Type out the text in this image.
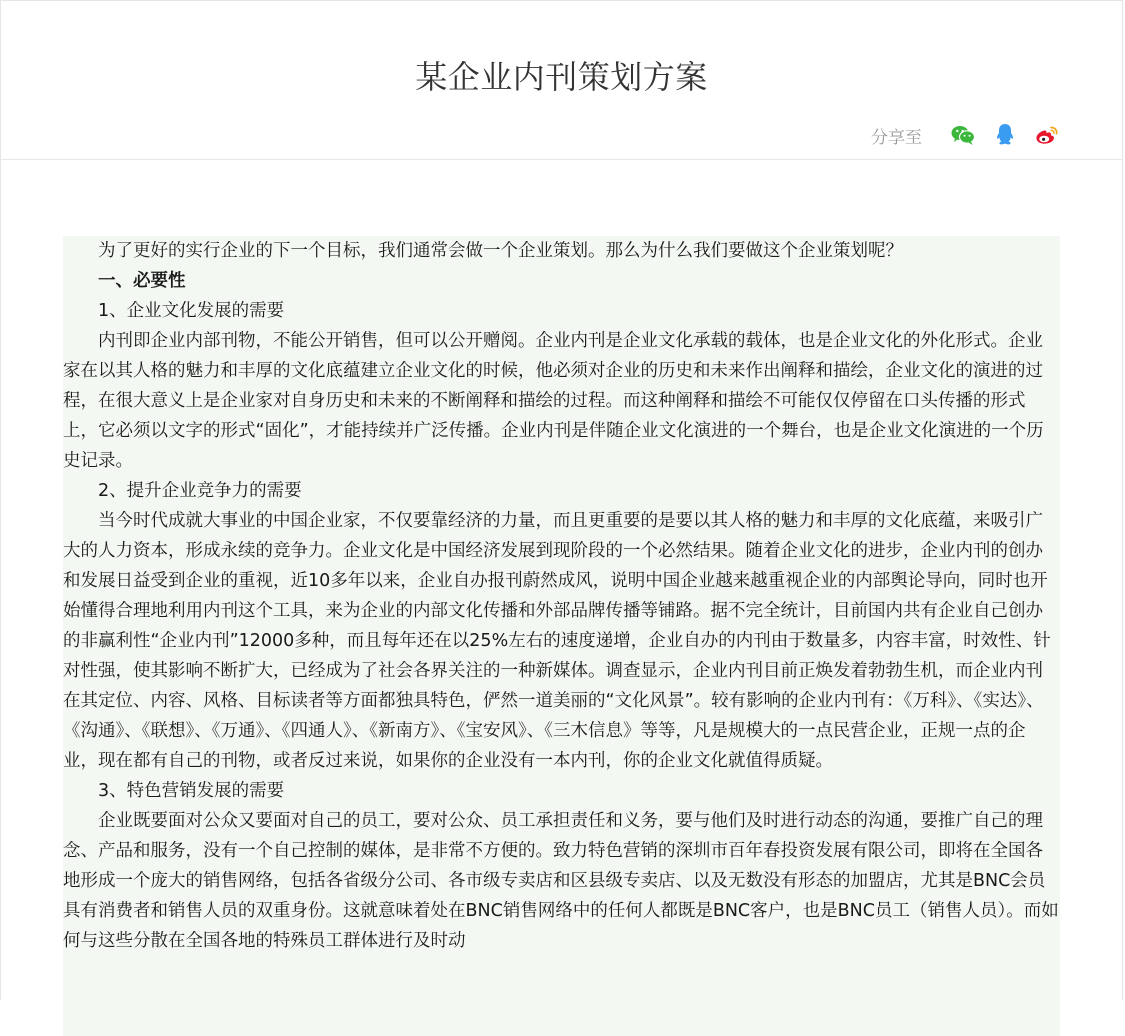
某企业内刊策划方案
分享至

为了更好的实行企业的下一个目标，我们通常会做一个企业策划。那么为什么我们要做这个企业策划呢？

一、必要性

1、企业文化发展的需要

内刊即企业内部刊物，不能公开销售，但可以公开赠阅。企业内刊是企业文化承载的载体，也是企业文化的外化形式。企业家在以其人格的魅力和丰厚的文化底蕴建立企业文化的时候，他必须对企业的历史和未来作出阐释和描绘，企业文化的演进的过程，在很大意义上是企业家对自身历史和未来的不断阐释和描绘的过程。而这种阐释和描绘不可能仅仅停留在口头传播的形式上，它必须以文字的形式“固化”，才能持续并广泛传播。企业内刊是伴随企业文化演进的一个舞台，也是企业文化演进的一个历史记录。

2、提升企业竞争力的需要

当今时代成就大事业的中国企业家，不仅要靠经济的力量，而且更重要的是要以其人格的魅力和丰厚的文化底蕴，来吸引广大的人力资本，形成永续的竞争力。企业文化是中国经济发展到现阶段的一个必然结果。随着企业文化的进步，企业内刊的创办和发展日益受到企业的重视，近10多年以来，企业自办报刊蔚然成风，说明中国企业越来越重视企业的内部舆论导向，同时也开始懂得合理地利用内刊这个工具，来为企业的内部文化传播和外部品牌传播等铺路。据不完全统计，目前国内共有企业自己创办的非赢利性“企业内刊”12000多种，而且每年还在以25%左右的速度递增，企业自办的内刊由于数量多，内容丰富，时效性、针对性强，使其影响不断扩大，已经成为了社会各界关注的一种新媒体。调查显示，企业内刊目前正焕发着勃勃生机，而企业内刊在其定位、内容、风格、目标读者等方面都独具特色，俨然一道美丽的“文化风景”。较有影响的企业内刊有：《万科》、《实达》、《沟通》、《联想》、《万通》、《四通人》、《新南方》、《宝安风》、《三木信息》等等，凡是规模大的一点民营企业，正规一点的企业，现在都有自己的刊物，或者反过来说，如果你的企业没有一本内刊，你的企业文化就值得质疑。

3、特色营销发展的需要

企业既要面对公众又要面对自己的员工，要对公众、员工承担责任和义务，要与他们及时进行动态的沟通，要推广自己的理念、产品和服务，没有一个自己控制的媒体，是非常不方便的。致力特色营销的深圳市百年春投资发展有限公司，即将在全国各地形成一个庞大的销售网络，包括各省级分公司、各市级专卖店和区县级专卖店、以及无数没有形态的加盟店，尤其是BNC会员具有消费者和销售人员的双重身份。这就意味着处在BNC销售网络中的任何人都既是BNC客户，也是BNC员工（销售人员）。而如何与这些分散在全国各地的特殊员工群体进行及时动
